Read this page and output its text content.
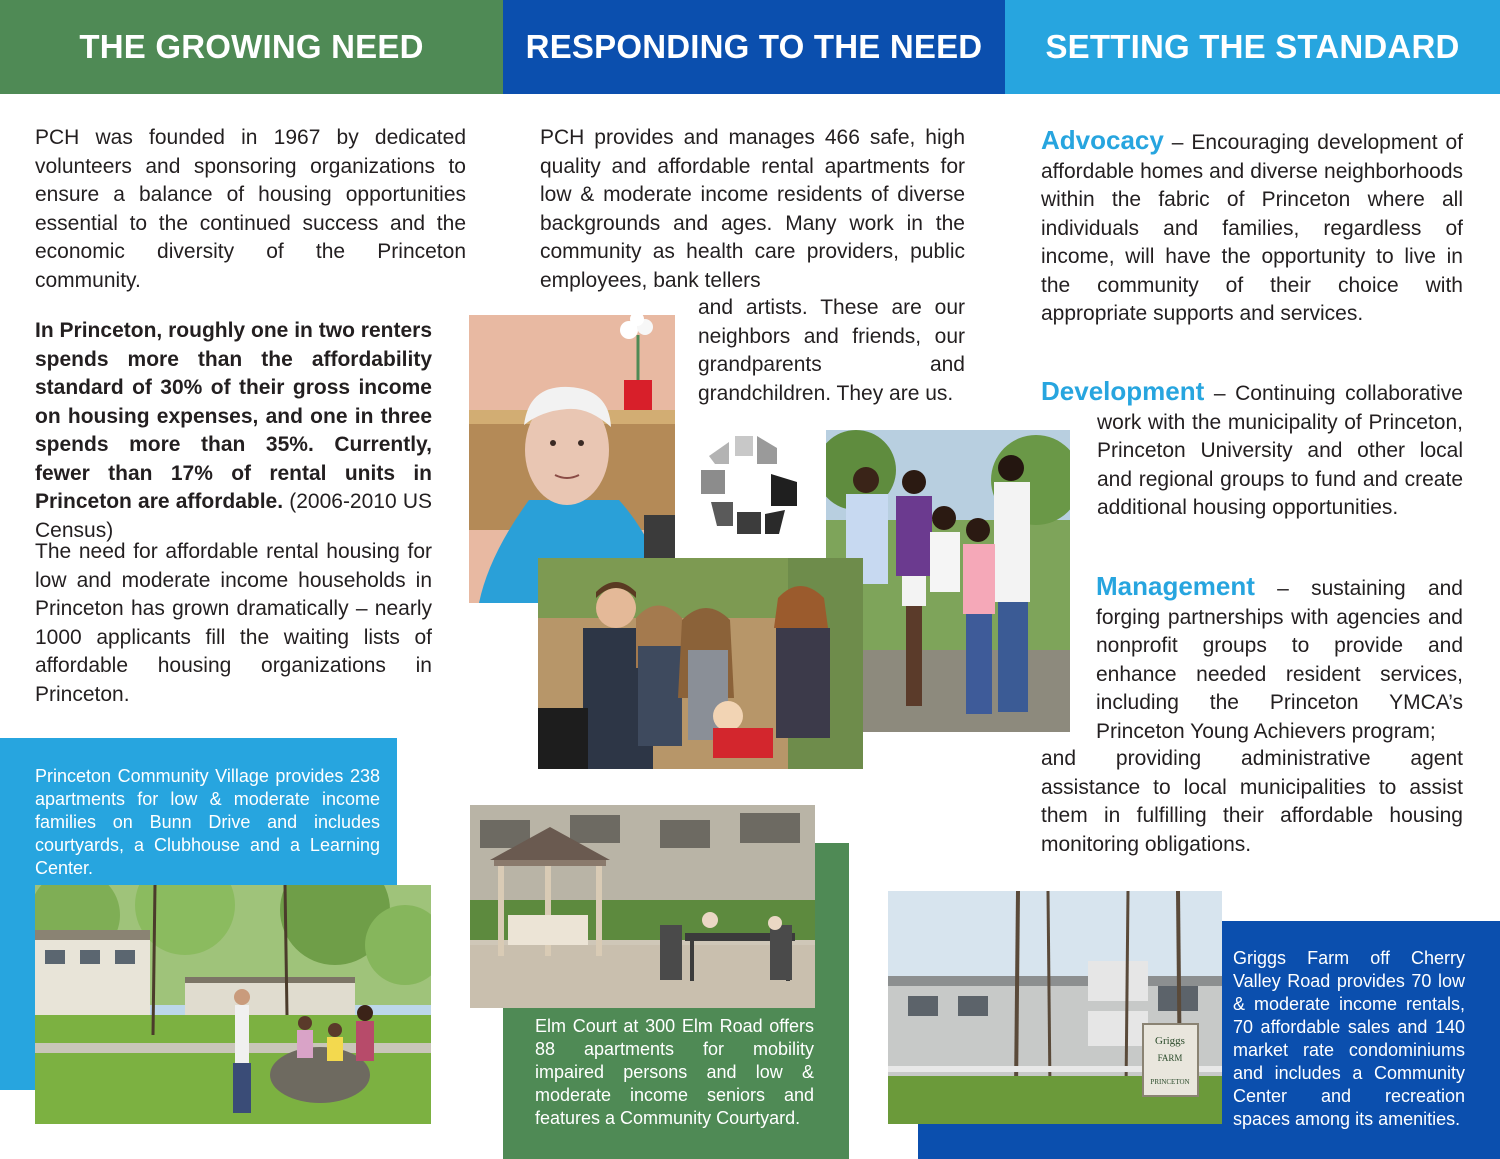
THE GROWING NEED	RESPONDING TO THE NEED SETTING THE STANDARD

PCH was founded in 1967 by dedicated volunteers and sponsoring organizations to ensure a balance of housing opportunities essential to the continued success and the economic diversity of the Princeton community.

In Princeton, roughly one in two renters spends more than the affordability standard of 30% of their gross income on housing expenses, and one in three spends more than 35%. Currently, fewer than 17% of rental units in Princeton are affordable. (2006-2010 US Census)

The need for affordable rental housing for low and moderate income households in Princeton has grown dramatically – nearly 1000 applicants fill the waiting lists of affordable housing organizations in Princeton.

Princeton Community Village provides 238 apartments for low & moderate income families on Bunn Drive and includes courtyards, a Clubhouse and a Learning Center.

PCH provides and manages 466 safe, high quality and affordable rental apartments for low & moderate income residents of diverse backgrounds and ages. Many work in the community as health care providers, public employees, bank tellers

and artists. These are our neighbors and friends, our grandparents and grandchildren. They are us.

Elm Court at 300 Elm Road offers 88 apartments for mobility impaired persons and low & moderate income seniors and features a Community Courtyard.

Advocacy – Encouraging development of affordable homes and diverse neighborhoods within the fabric of Princeton where all individuals and families, regardless of income, will have the opportunity to live in the community of their choice with appropriate supports and services.

Development – Continuing collaborative work with the municipality of Princeton, Princeton University and other local and regional groups to fund and create additional housing opportunities.

Management – sustaining and forging partnerships with agencies and nonprofit groups to provide and enhance needed resident services, including the Princeton YMCA’s Princeton Young Achievers program;

and providing administrative agent assistance to local municipalities to assist them in fulfilling their affordable housing monitoring obligations.

Griggs
FARM
PRINCETON

Griggs Farm off Cherry Valley Road provides 70 low & moderate income rentals, 70 affordable sales and 140 market rate condominiums and includes a Community Center and recreation spaces among its amenities.
